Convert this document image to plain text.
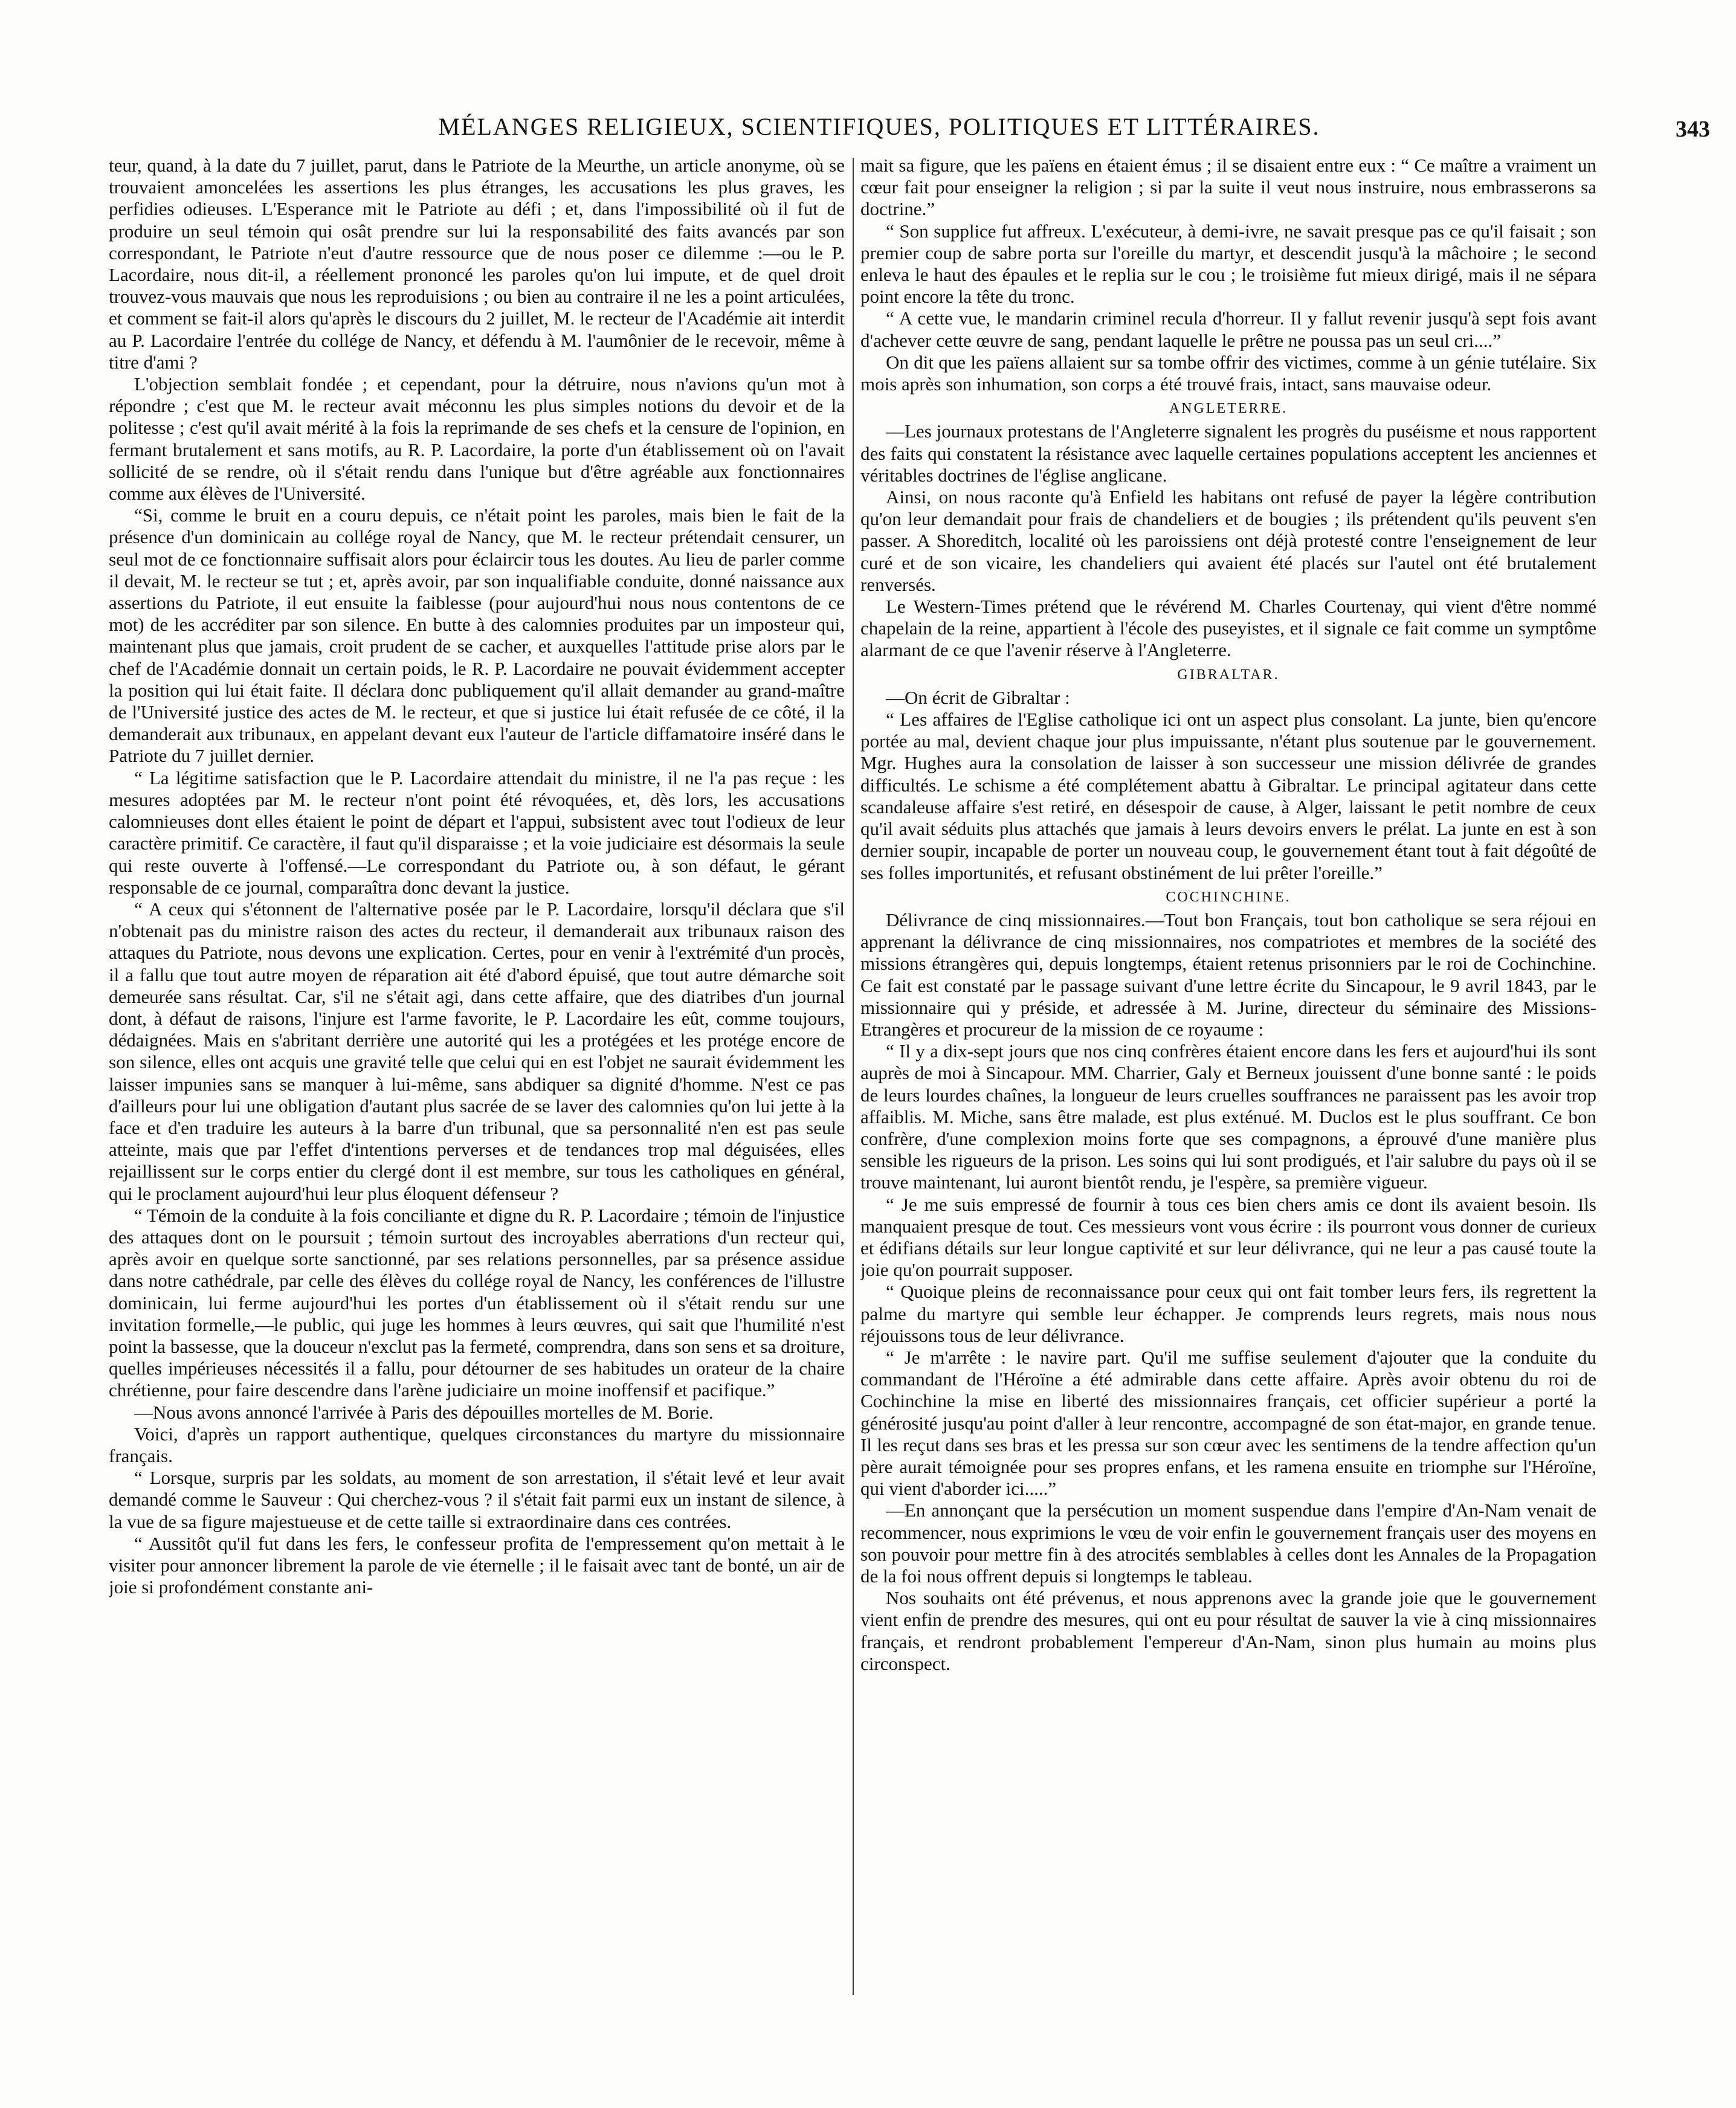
MÉLANGES RELIGIEUX, SCIENTIFIQUES, POLITIQUES ET LITTÉRAIRES.	343

teur, quand, à la date du 7 juillet, parut, dans le Patriote de la Meurthe, un article anonyme, où se trouvaient amoncelées les assertions les plus étranges, les accusations les plus graves, les perfidies odieuses. L'Esperance mit le Patriote au défi ; et, dans l'impossibilité où il fut de produire un seul témoin qui osât prendre sur lui la responsabilité des faits avancés par son correspondant, le Patriote n'eut d'autre ressource que de nous poser ce dilemme :—ou le P. Lacordaire, nous dit-il, a réellement prononcé les paroles qu'on lui impute, et de quel droit trouvez-vous mauvais que nous les reproduisions ; ou bien au contraire il ne les a point articulées, et comment se fait-il alors qu'après le discours du 2 juillet, M. le recteur de l'Académie ait interdit au P. Lacordaire l'entrée du collége de Nancy, et défendu à M. l'aumônier de le recevoir, même à titre d'ami ?

L'objection semblait fondée ; et cependant, pour la détruire, nous n'avions qu'un mot à répondre ; c'est que M. le recteur avait méconnu les plus simples notions du devoir et de la politesse ; c'est qu'il avait mérité à la fois la reprimande de ses chefs et la censure de l'opinion, en fermant brutalement et sans motifs, au R. P. Lacordaire, la porte d'un établissement où on l'avait sollicité de se rendre, où il s'était rendu dans l'unique but d'être agréable aux fonctionnaires comme aux élèves de l'Université.

“Si, comme le bruit en a couru depuis, ce n'était point les paroles, mais bien le fait de la présence d'un dominicain au collége royal de Nancy, que M. le recteur prétendait censurer, un seul mot de ce fonctionnaire suffisait alors pour éclaircir tous les doutes. Au lieu de parler comme il devait, M. le recteur se tut ; et, après avoir, par son inqualifiable conduite, donné naissance aux assertions du Patriote, il eut ensuite la faiblesse (pour aujourd'hui nous nous contentons de ce mot) de les accréditer par son silence. En butte à des calomnies produites par un imposteur qui, maintenant plus que jamais, croit prudent de se cacher, et auxquelles l'attitude prise alors par le chef de l'Académie donnait un certain poids, le R. P. Lacordaire ne pouvait évidemment accepter la position qui lui était faite. Il déclara donc publiquement qu'il allait demander au grand-maître de l'Université justice des actes de M. le recteur, et que si justice lui était refusée de ce côté, il la demanderait aux tribunaux, en appelant devant eux l'auteur de l'article diffamatoire inséré dans le Patriote du 7 juillet dernier.

“ La légitime satisfaction que le P. Lacordaire attendait du ministre, il ne l'a pas reçue : les mesures adoptées par M. le recteur n'ont point été révoquées, et, dès lors, les accusations calomnieuses dont elles étaient le point de départ et l'appui, subsistent avec tout l'odieux de leur caractère primitif. Ce caractère, il faut qu'il disparaisse ; et la voie judiciaire est désormais la seule qui reste ouverte à l'offensé.—Le correspondant du Patriote ou, à son défaut, le gérant responsable de ce journal, comparaîtra donc devant la justice.

“ A ceux qui s'étonnent de l'alternative posée par le P. Lacordaire, lorsqu'il déclara que s'il n'obtenait pas du ministre raison des actes du recteur, il demanderait aux tribunaux raison des attaques du Patriote, nous devons une explication. Certes, pour en venir à l'extrémité d'un procès, il a fallu que tout autre moyen de réparation ait été d'abord épuisé, que tout autre démarche soit demeurée sans résultat. Car, s'il ne s'était agi, dans cette affaire, que des diatribes d'un journal dont, à défaut de raisons, l'injure est l'arme favorite, le P. Lacordaire les eût, comme toujours, dédaignées. Mais en s'abritant derrière une autorité qui les a protégées et les protége encore de son silence, elles ont acquis une gravité telle que celui qui en est l'objet ne saurait évidemment les laisser impunies sans se manquer à lui-même, sans abdiquer sa dignité d'homme. N'est ce pas d'ailleurs pour lui une obligation d'autant plus sacrée de se laver des calomnies qu'on lui jette à la face et d'en traduire les auteurs à la barre d'un tribunal, que sa personnalité n'en est pas seule atteinte, mais que par l'effet d'intentions perverses et de tendances trop mal déguisées, elles rejaillissent sur le corps entier du clergé dont il est membre, sur tous les catholiques en général, qui le proclament aujourd'hui leur plus éloquent défenseur ?

“ Témoin de la conduite à la fois conciliante et digne du R. P. Lacordaire ; témoin de l'injustice des attaques dont on le poursuit ; témoin surtout des incroyables aberrations d'un recteur qui, après avoir en quelque sorte sanctionné, par ses relations personnelles, par sa présence assidue dans notre cathédrale, par celle des élèves du collége royal de Nancy, les conférences de l'illustre dominicain, lui ferme aujourd'hui les portes d'un établissement où il s'était rendu sur une invitation formelle,—le public, qui juge les hommes à leurs œuvres, qui sait que l'humilité n'est point la bassesse, que la douceur n'exclut pas la fermeté, comprendra, dans son sens et sa droiture, quelles impérieuses nécessités il a fallu, pour détourner de ses habitudes un orateur de la chaire chrétienne, pour faire descendre dans l'arène judiciaire un moine inoffensif et pacifique.”

—Nous avons annoncé l'arrivée à Paris des dépouilles mortelles de M. Borie.

Voici, d'après un rapport authentique, quelques circonstances du martyre du missionnaire français.

“ Lorsque, surpris par les soldats, au moment de son arrestation, il s'était levé et leur avait demandé comme le Sauveur : Qui cherchez-vous ? il s'était fait parmi eux un instant de silence, à la vue de sa figure majestueuse et de cette taille si extraordinaire dans ces contrées.

“ Aussitôt qu'il fut dans les fers, le confesseur profita de l'empressement qu'on mettait à le visiter pour annoncer librement la parole de vie éternelle ; il le faisait avec tant de bonté, un air de joie si profondément constante ani-

mait sa figure, que les païens en étaient émus ; il se disaient entre eux : “ Ce maître a vraiment un cœur fait pour enseigner la religion ; si par la suite il veut nous instruire, nous embrasserons sa doctrine.”

“ Son supplice fut affreux. L'exécuteur, à demi-ivre, ne savait presque pas ce qu'il faisait ; son premier coup de sabre porta sur l'oreille du martyr, et descendit jusqu'à la mâchoire ; le second enleva le haut des épaules et le replia sur le cou ; le troisième fut mieux dirigé, mais il ne sépara point encore la tête du tronc.

“ A cette vue, le mandarin criminel recula d'horreur. Il y fallut revenir jusqu'à sept fois avant d'achever cette œuvre de sang, pendant laquelle le prêtre ne poussa pas un seul cri....”

On dit que les païens allaient sur sa tombe offrir des victimes, comme à un génie tutélaire. Six mois après son inhumation, son corps a été trouvé frais, intact, sans mauvaise odeur.

ANGLETERRE.

—Les journaux protestans de l'Angleterre signalent les progrès du puséisme et nous rapportent des faits qui constatent la résistance avec laquelle certaines populations acceptent les anciennes et véritables doctrines de l'église anglicane.

Ainsi, on nous raconte qu'à Enfield les habitans ont refusé de payer la légère contribution qu'on leur demandait pour frais de chandeliers et de bougies ; ils prétendent qu'ils peuvent s'en passer. A Shoreditch, localité où les paroissiens ont déjà protesté contre l'enseignement de leur curé et de son vicaire, les chandeliers qui avaient été placés sur l'autel ont été brutalement renversés.

Le Western-Times prétend que le révérend M. Charles Courtenay, qui vient d'être nommé chapelain de la reine, appartient à l'école des puseyistes, et il signale ce fait comme un symptôme alarmant de ce que l'avenir réserve à l'Angleterre.

GIBRALTAR.

—On écrit de Gibraltar :

“ Les affaires de l'Eglise catholique ici ont un aspect plus consolant. La junte, bien qu'encore portée au mal, devient chaque jour plus impuissante, n'étant plus soutenue par le gouvernement. Mgr. Hughes aura la consolation de laisser à son successeur une mission délivrée de grandes difficultés. Le schisme a été complétement abattu à Gibraltar. Le principal agitateur dans cette scandaleuse affaire s'est retiré, en désespoir de cause, à Alger, laissant le petit nombre de ceux qu'il avait séduits plus attachés que jamais à leurs devoirs envers le prélat. La junte en est à son dernier soupir, incapable de porter un nouveau coup, le gouvernement étant tout à fait dégoûté de ses folles importunités, et refusant obstinément de lui prêter l'oreille.”

COCHINCHINE.

Délivrance de cinq missionnaires.—Tout bon Français, tout bon catholique se sera réjoui en apprenant la délivrance de cinq missionnaires, nos compatriotes et membres de la société des missions étrangères qui, depuis longtemps, étaient retenus prisonniers par le roi de Cochinchine. Ce fait est constaté par le passage suivant d'une lettre écrite du Sincapour, le 9 avril 1843, par le missionnaire qui y préside, et adressée à M. Jurine, directeur du séminaire des Missions-Etrangères et procureur de la mission de ce royaume :

“ Il y a dix-sept jours que nos cinq confrères étaient encore dans les fers et aujourd'hui ils sont auprès de moi à Sincapour. MM. Charrier, Galy et Berneux jouissent d'une bonne santé : le poids de leurs lourdes chaînes, la longueur de leurs cruelles souffrances ne paraissent pas les avoir trop affaiblis. M. Miche, sans être malade, est plus exténué. M. Duclos est le plus souffrant. Ce bon confrère, d'une complexion moins forte que ses compagnons, a éprouvé d'une manière plus sensible les rigueurs de la prison. Les soins qui lui sont prodigués, et l'air salubre du pays où il se trouve maintenant, lui auront bientôt rendu, je l'espère, sa première vigueur.

“ Je me suis empressé de fournir à tous ces bien chers amis ce dont ils avaient besoin. Ils manquaient presque de tout. Ces messieurs vont vous écrire : ils pourront vous donner de curieux et édifians détails sur leur longue captivité et sur leur délivrance, qui ne leur a pas causé toute la joie qu'on pourrait supposer.

“ Quoique pleins de reconnaissance pour ceux qui ont fait tomber leurs fers, ils regrettent la palme du martyre qui semble leur échapper. Je comprends leurs regrets, mais nous nous réjouissons tous de leur délivrance.

“ Je m'arrête : le navire part. Qu'il me suffise seulement d'ajouter que la conduite du commandant de l'Héroïne a été admirable dans cette affaire. Après avoir obtenu du roi de Cochinchine la mise en liberté des missionnaires français, cet officier supérieur a porté la générosité jusqu'au point d'aller à leur rencontre, accompagné de son état-major, en grande tenue. Il les reçut dans ses bras et les pressa sur son cœur avec les sentimens de la tendre affection qu'un père aurait témoignée pour ses propres enfans, et les ramena ensuite en triomphe sur l'Héroïne, qui vient d'aborder ici.....”

—En annonçant que la persécution un moment suspendue dans l'empire d'An-Nam venait de recommencer, nous exprimions le vœu de voir enfin le gouvernement français user des moyens en son pouvoir pour mettre fin à des atrocités semblables à celles dont les Annales de la Propagation de la foi nous offrent depuis si longtemps le tableau.

Nos souhaits ont été prévenus, et nous apprenons avec la grande joie que le gouvernement vient enfin de prendre des mesures, qui ont eu pour résultat de sauver la vie à cinq missionnaires français, et rendront probablement l'empereur d'An-Nam, sinon plus humain au moins plus circonspect.
